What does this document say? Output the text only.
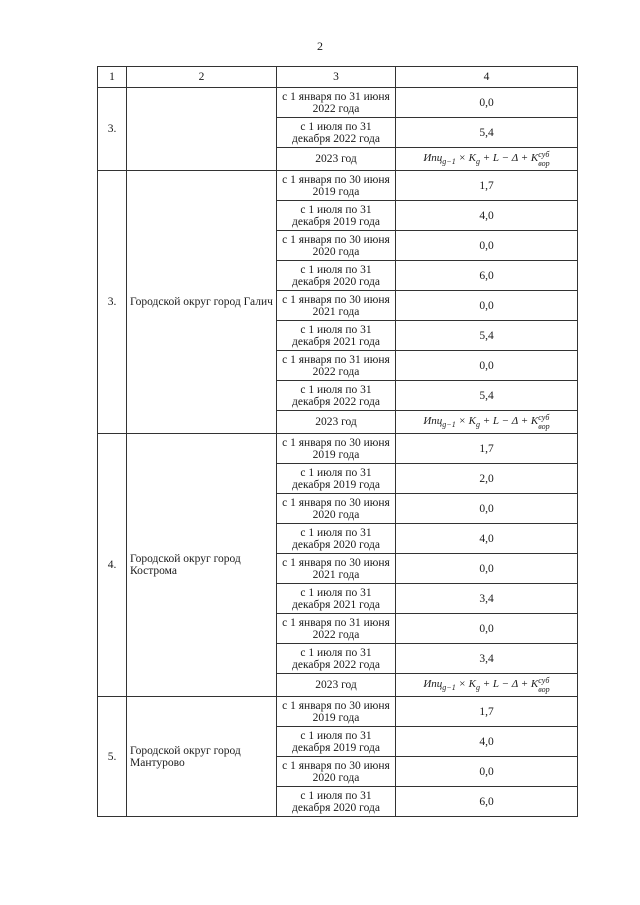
2
1	2	3	4
3.		с 1 января по 31 июня 2022 года	0,0
		с 1 июля по 31 декабря 2022 года	5,4
		2023 год	$Ипц_{g-1} \times K_g + L - \Delta$ + Kсуб
вор
3.	Городской округ город Галич	с 1 января по 30 июня 2019 года	1,7
		с 1 июля по 31 декабря 2019 года	4,0
		с 1 января по 30 июня 2020 года	0,0
		с 1 июля по 31 декабря 2020 года	6,0
		с 1 января по 30 июня 2021 года	0,0
		с 1 июля по 31 декабря 2021 года	5,4
		с 1 января по 31 июня 2022 года	0,0
		с 1 июля по 31 декабря 2022 года	5,4
		2023 год	$Ипц_{g-1} \times K_g + L - \Delta$ + Kсуб
вор
4.	Городской округ город Кострома	с 1 января по 30 июня 2019 года	1,7
		с 1 июля по 31 декабря 2019 года	2,0
		с 1 января по 30 июня 2020 года	0,0
		с 1 июля по 31 декабря 2020 года	4,0
		с 1 января по 30 июня 2021 года	0,0
		с 1 июля по 31 декабря 2021 года	3,4
		с 1 января по 31 июня 2022 года	0,0
		с 1 июля по 31 декабря 2022 года	3,4
		2023 год	$Ипц_{g-1} \times K_g + L - \Delta$ + Kсуб
вор
5.	Городской округ город Мантурово	с 1 января по 30 июня 2019 года	1,7
		с 1 июля по 31 декабря 2019 года	4,0
		с 1 января по 30 июня 2020 года	0,0
		с 1 июля по 31 декабря 2020 года	6,0
